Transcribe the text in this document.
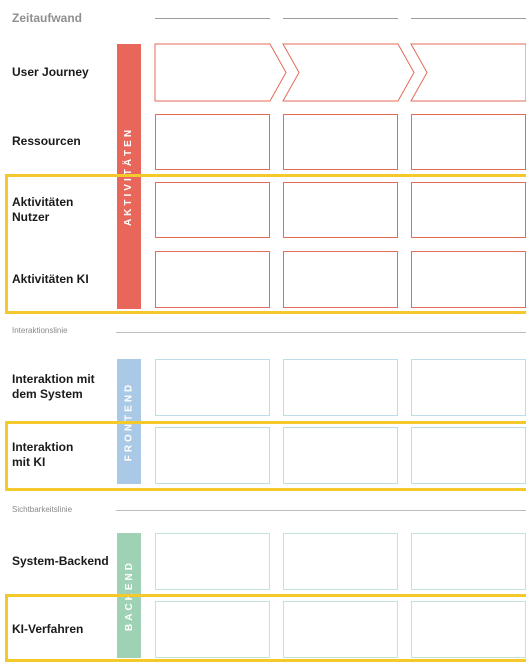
Zeitaufwand
User Journey
Ressourcen
Aktivitäten
Nutzer
Aktivitäten KI
Interaktion mit
dem System
Interaktion
mit KI
System-Backend
KI-Verfahren
Interaktionslinie
Sichtbarkeitslinie
AKTIVITÄTEN
FRONTEND
BACKEND
